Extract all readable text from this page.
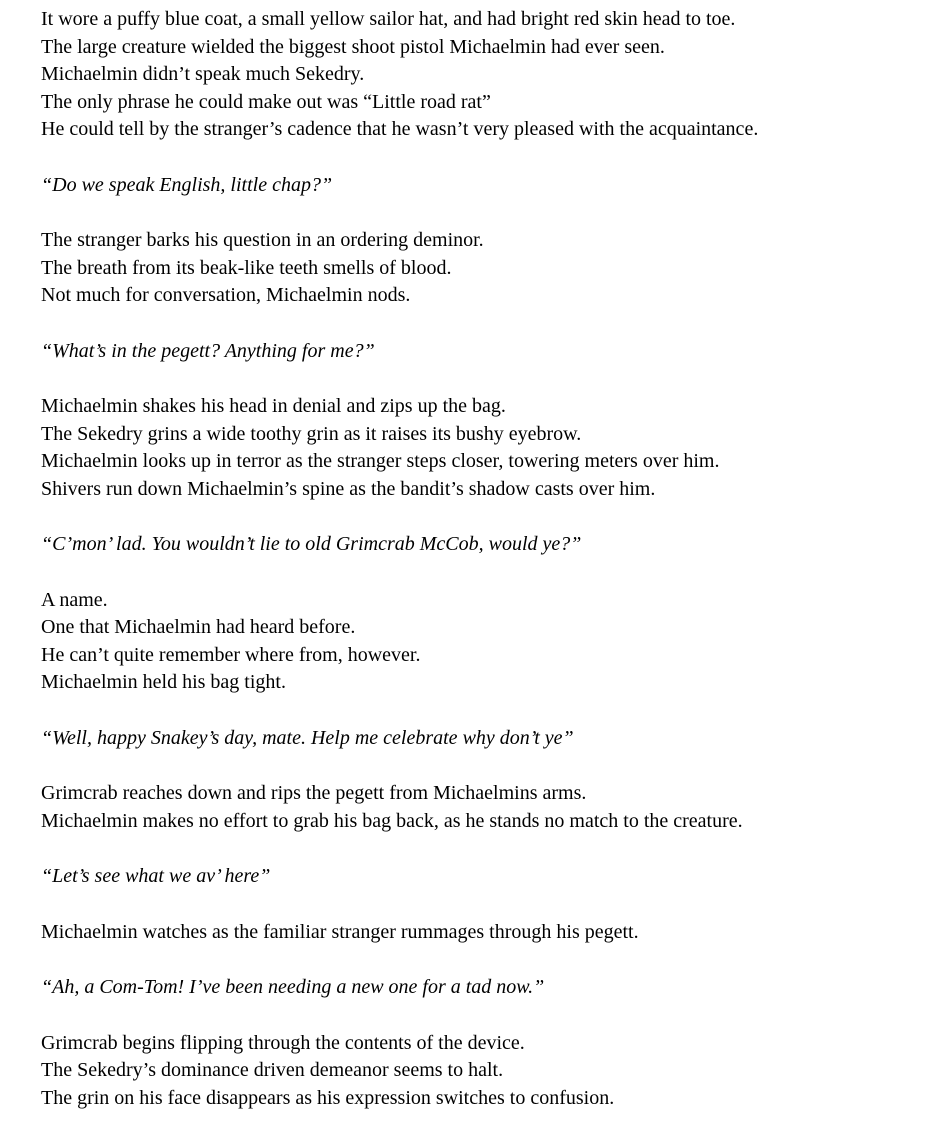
It wore a puffy blue coat, a small yellow sailor hat, and had bright red skin head to toe.

The large creature wielded the biggest shoot pistol Michaelmin had ever seen.

Michaelmin didn’t speak much Sekedry.

The only phrase he could make out was “Little road rat”

He could tell by the stranger’s cadence that he wasn’t very pleased with the acquaintance.

“Do we speak English, little chap?”

The stranger barks his question in an ordering deminor.

The breath from its beak-like teeth smells of blood.

Not much for conversation, Michaelmin nods.

“What’s in the pegett? Anything for me?”

Michaelmin shakes his head in denial and zips up the bag.

The Sekedry grins a wide toothy grin as it raises its bushy eyebrow.

Michaelmin looks up in terror as the stranger steps closer, towering meters over him.

Shivers run down Michaelmin’s spine as the bandit’s shadow casts over him.

“C’mon’ lad. You wouldn’t lie to old Grimcrab McCob, would ye?”

A name.

One that Michaelmin had heard before.

He can’t quite remember where from, however.

Michaelmin held his bag tight.

“Well, happy Snakey’s day, mate. Help me celebrate why don’t ye”

Grimcrab reaches down and rips the pegett from Michaelmins arms.

Michaelmin makes no effort to grab his bag back, as he stands no match to the creature.

“Let’s see what we av’ here”

Michaelmin watches as the familiar stranger rummages through his pegett.

“Ah, a Com-Tom! I’ve been needing a new one for a tad now.”

Grimcrab begins flipping through the contents of the device.

The Sekedry’s dominance driven demeanor seems to halt.

The grin on his face disappears as his expression switches to confusion.
